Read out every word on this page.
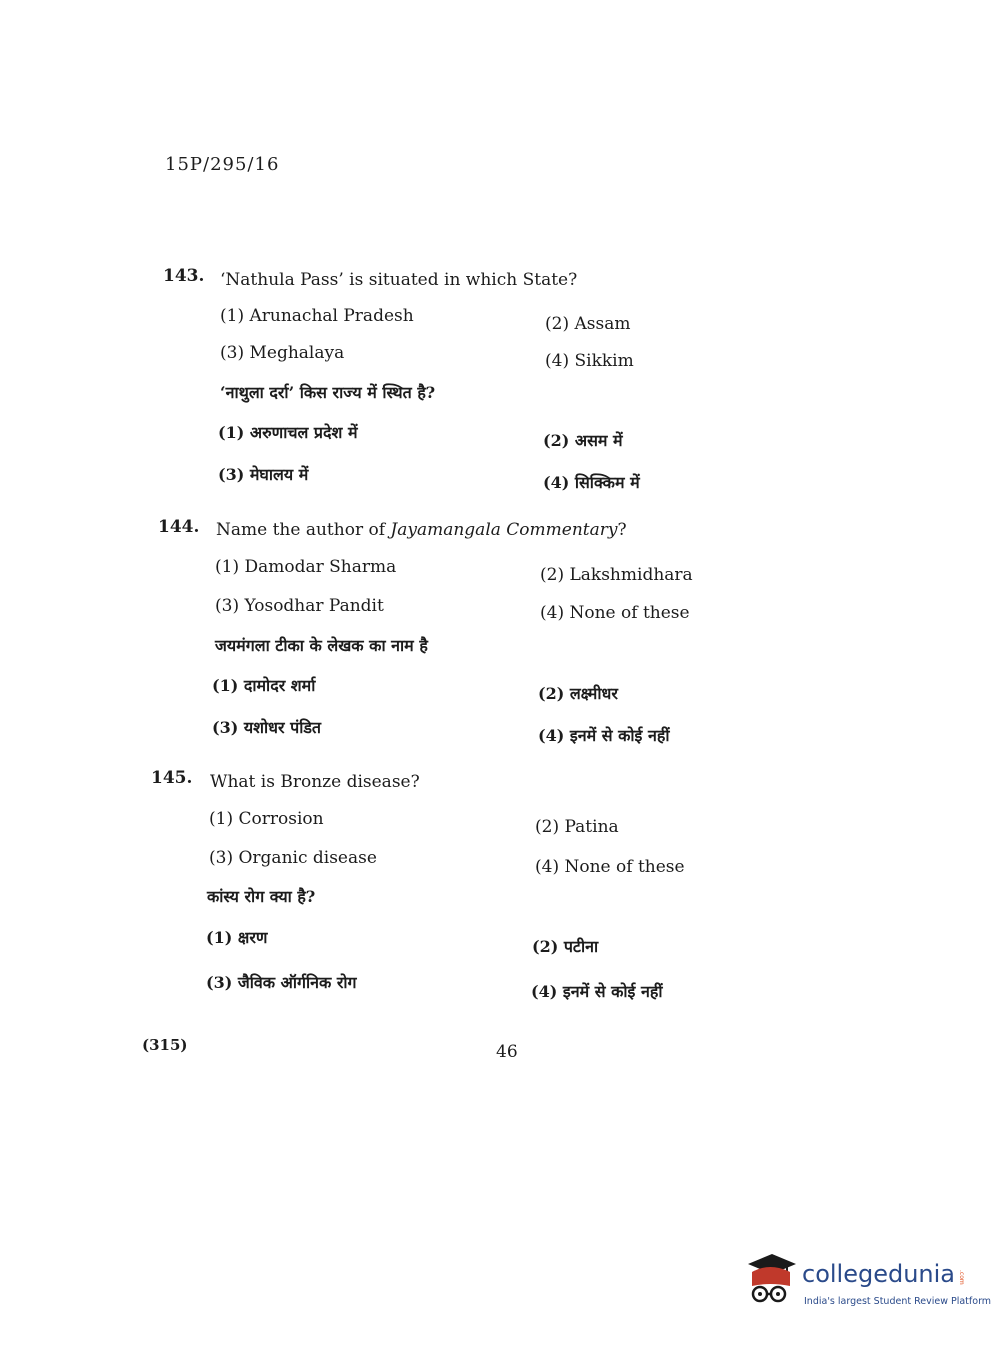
15P/295/16
143. ‘Nathula Pass’ is situated in which State?
(1) Arunachal Pradesh	(2) Assam
(3) Meghalaya	(4) Sikkim
‘नाथुला दर्रा’ किस राज्य में स्थित है?
(1) अरुणाचल प्रदेश में	(2) असम में
(3) मेघालय में	(4) सिक्किम में
144. Name the author of Jayamangala Commentary?
(1) Damodar Sharma	(2) Lakshmidhara
(3) Yosodhar Pandit	(4) None of these
जयमंगला टीका के लेखक का नाम है
(1) दामोदर शर्मा	(2) लक्ष्मीधर
(3) यशोधर पंडित	(4) इनमें से कोई नहीं
145. What is Bronze disease?
(1) Corrosion	(2) Patina
(3) Organic disease	(4) None of these
कांस्य रोग क्या है?
(1) क्षरण	(2) पटीना
(3) जैविक ऑर्गनिक रोग	(4) इनमें से कोई नहीं
(315)	46
collegedunia .com
India's largest Student Review Platform
